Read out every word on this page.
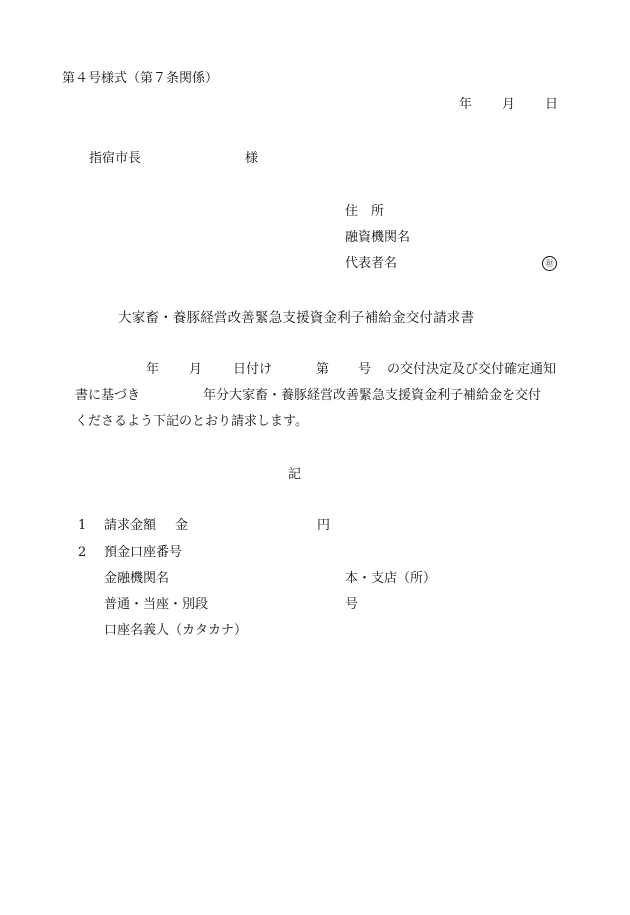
第４号様式（第７条関係）
年 月 日
指宿市長	様
住　所
融資機関名
代表者名	㊞
大家畜・養豚経営改善緊急支援資金利子補給金交付請求書
年 月 日付け	第 号 の交付決定及び交付確定通知
書に基づき	年分大家畜・養豚経営改善緊急支援資金利子補給金を交付
くださるよう下記のとおり請求します。
記
1 請求金額 金	円
2 預金口座番号
金融機関名	本・支店（所）
普通・当座・別段	号
口座名義人（カタカナ）
